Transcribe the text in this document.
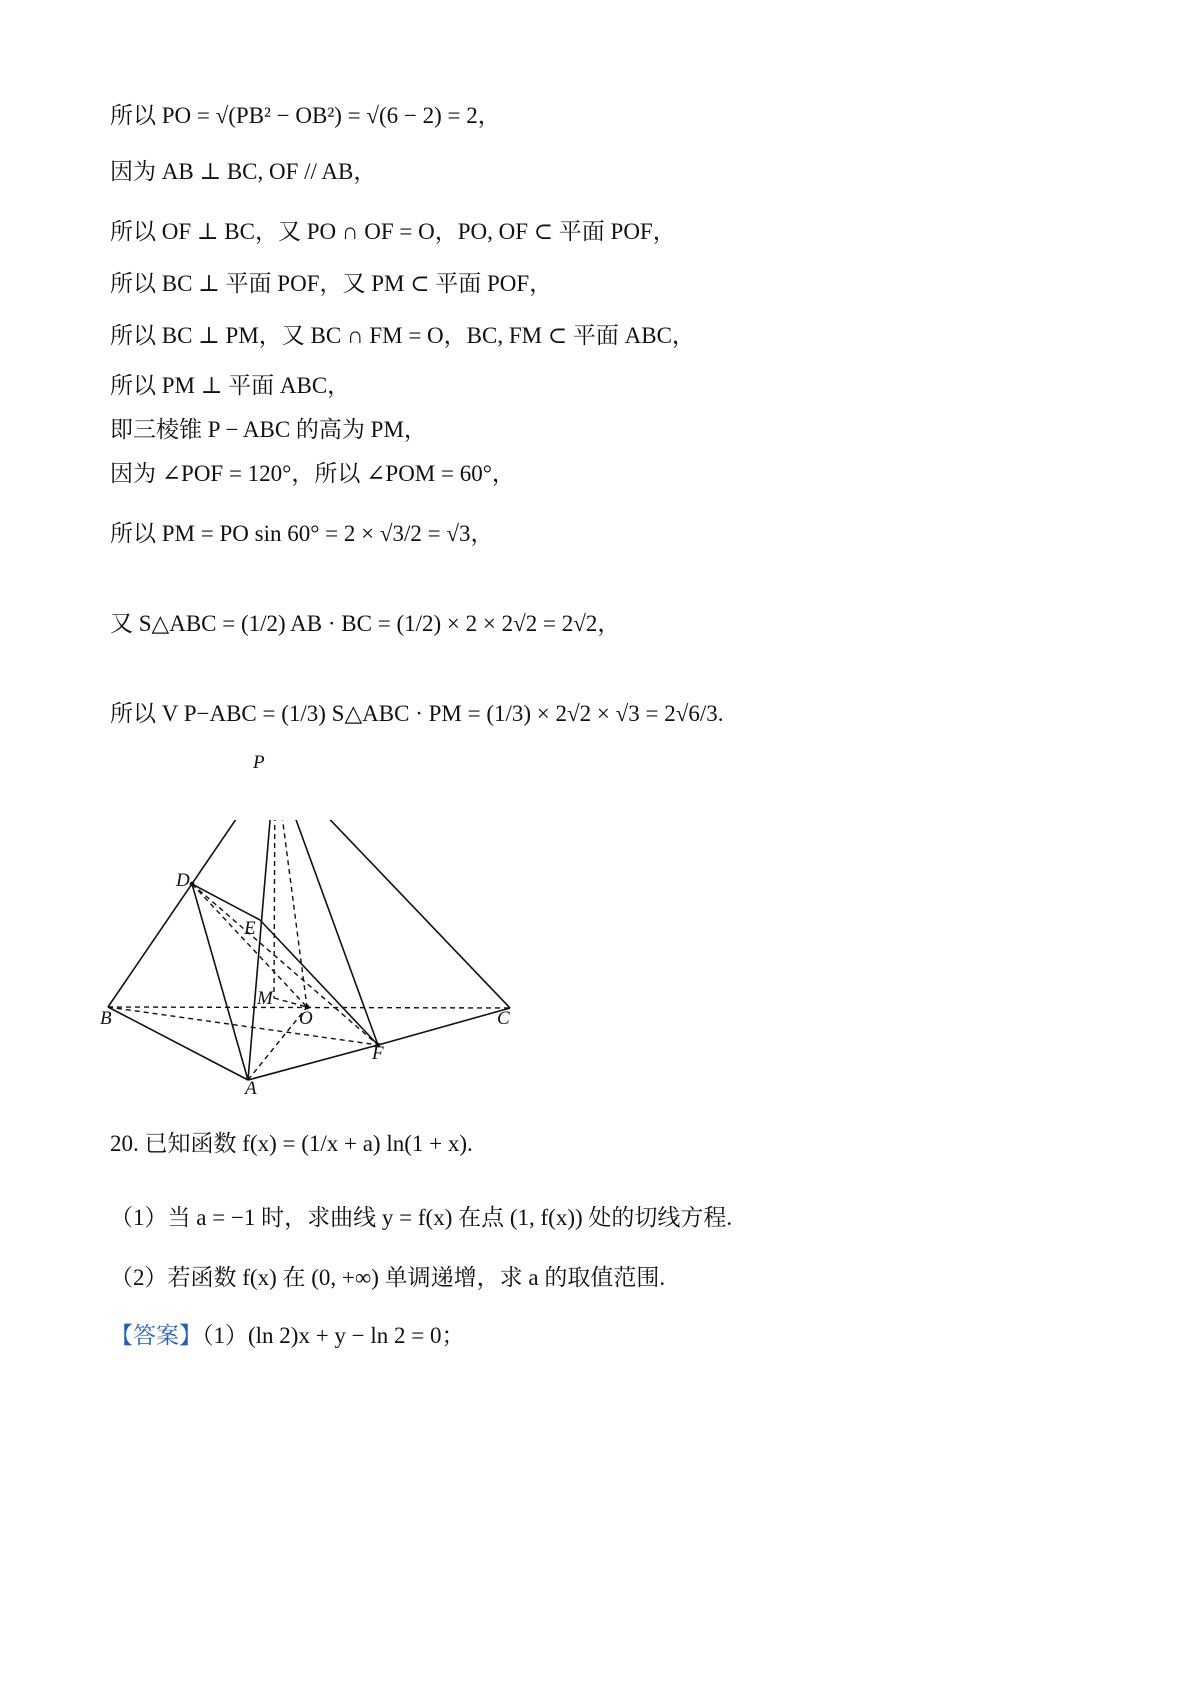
所以 PO = √(PB² − OB²) = √(6 − 2) = 2，
因为 AB ⊥ BC, OF // AB，
所以 OF ⊥ BC，又 PO ∩ OF = O，PO, OF ⊂ 平面 POF，
所以 BC ⊥ 平面 POF，又 PM ⊂ 平面 POF，
所以 BC ⊥ PM，又 BC ∩ FM = O，BC, FM ⊂ 平面 ABC，
所以 PM ⊥ 平面 ABC，
即三棱锥 P − ABC 的高为 PM，
因为 ∠POF = 120°，所以 ∠POM = 60°，
所以 PM = PO sin 60° = 2 × √3/2 = √3，
又 S△ABC = (1/2) AB · BC = (1/2) × 2 × 2√2 = 2√2，
所以 V P−ABC = (1/3) S△ABC · PM = (1/3) × 2√2 × √3 = 2√6/3.
P
D
E
M
O
B	C
F
A
20. 已知函数 f(x) = (1/x + a) ln(1 + x).
（1）当 a = −1 时，求曲线 y = f(x) 在点 (1, f(x)) 处的切线方程.
（2）若函数 f(x) 在 (0, +∞) 单调递增，求 a 的取值范围.
【答案】（1）(ln 2)x + y − ln 2 = 0；
